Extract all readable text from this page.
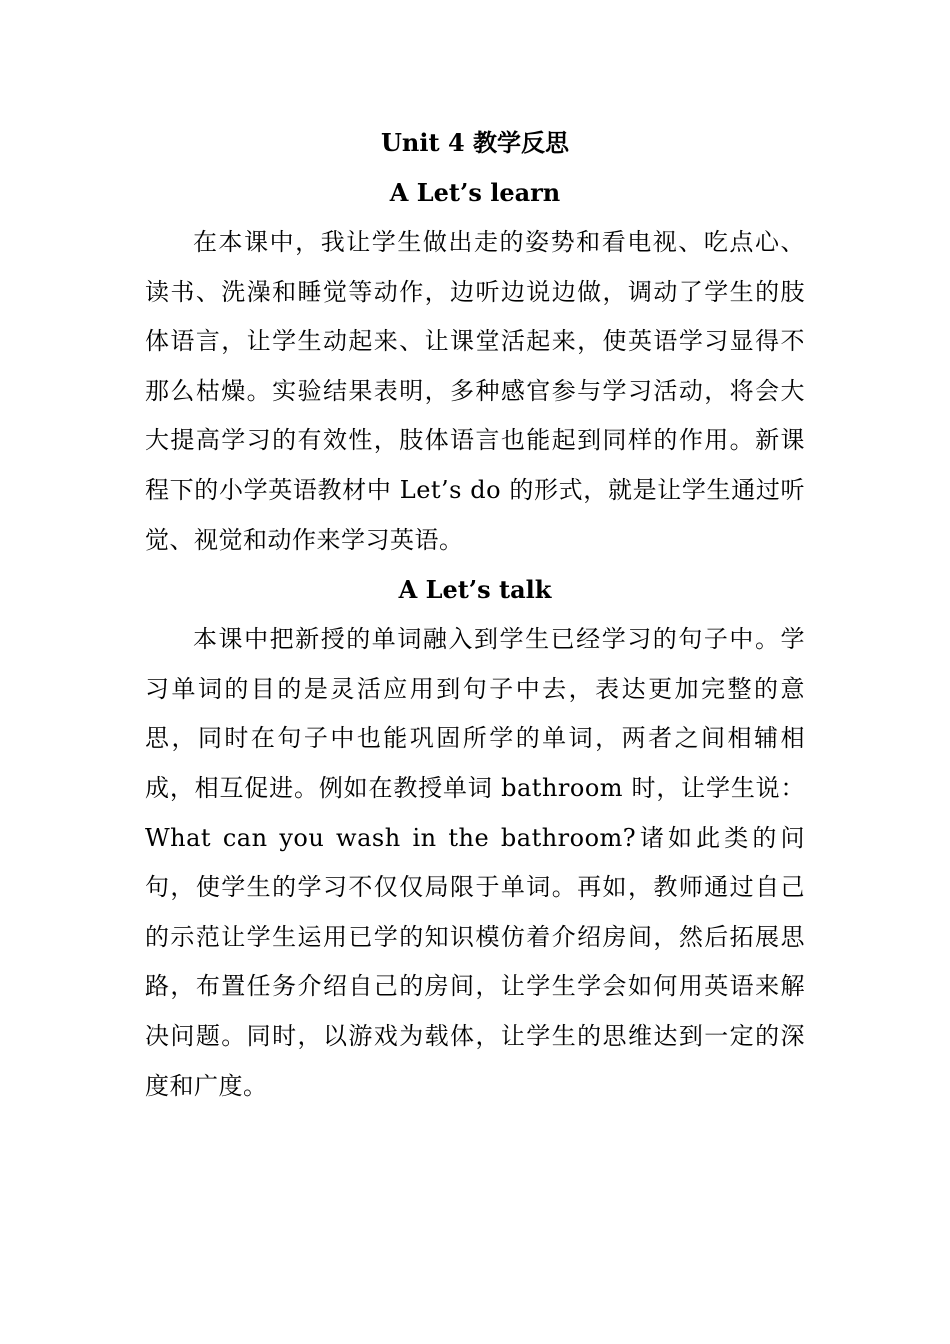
Unit 4 教学反思
A Let’s learn

在本课中，我让学生做出走的姿势和看电视、吃点心、读书、洗澡和睡觉等动作，边听边说边做，调动了学生的肢体语言，让学生动起来、让课堂活起来，使英语学习显得不那么枯燥。实验结果表明，多种感官参与学习活动，将会大大提高学习的有效性，肢体语言也能起到同样的作用。新课程下的小学英语教材中 Let’s do 的形式，就是让学生通过听觉、视觉和动作来学习英语。

A Let’s talk

本课中把新授的单词融入到学生已经学习的句子中。学习单词的目的是灵活应用到句子中去，表达更加完整的意思，同时在句子中也能巩固所学的单词，两者之间相辅相成，相互促进。例如在教授单词 bathroom 时，让学生说：What can you wash in the bathroom?诸如此类的问句，使学生的学习不仅仅局限于单词。再如，教师通过自己的示范让学生运用已学的知识模仿着介绍房间，然后拓展思路，布置任务介绍自己的房间，让学生学会如何用英语来解决问题。同时，以游戏为载体，让学生的思维达到一定的深度和广度。
